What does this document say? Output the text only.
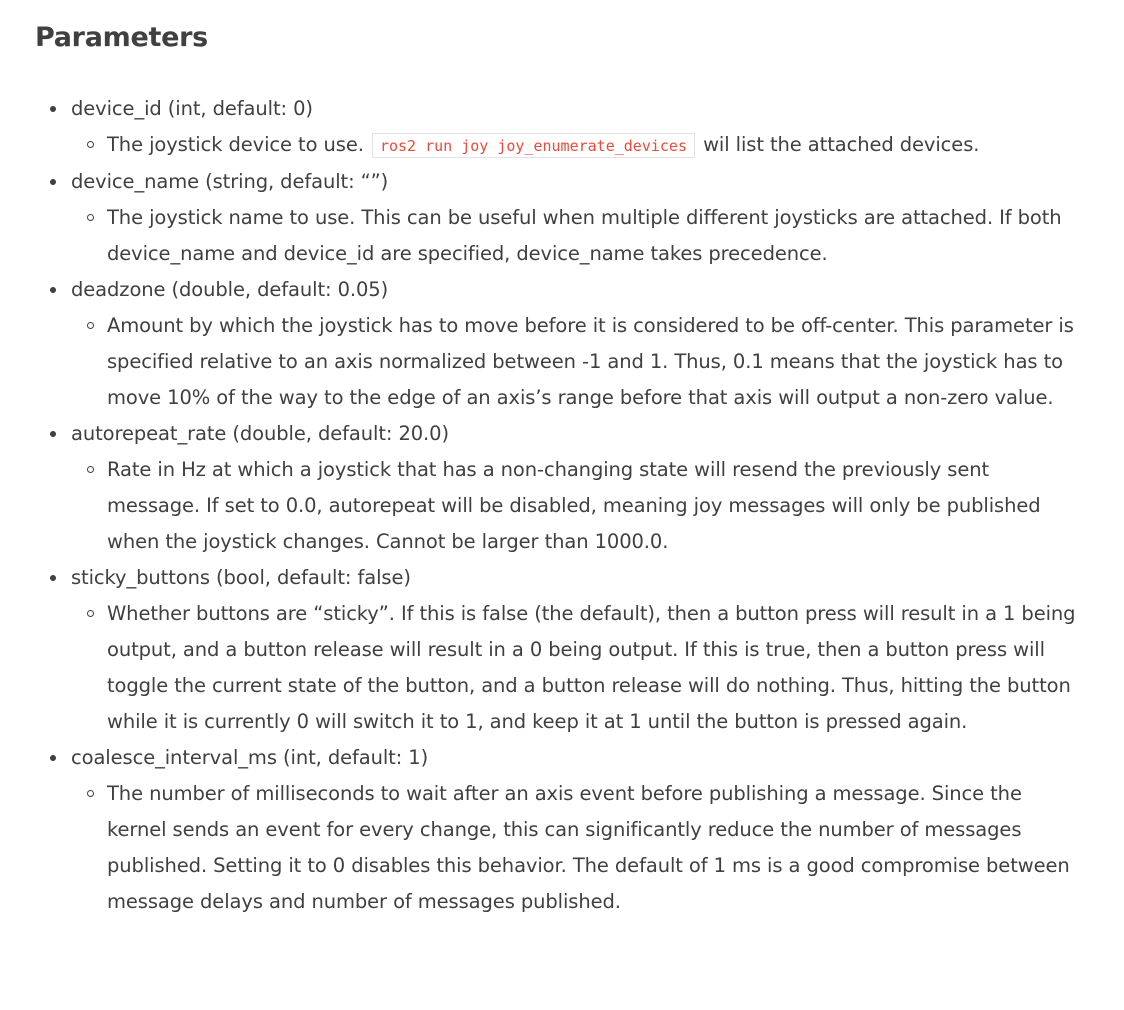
Parameters
device_id (int, default: 0)
The joystick device to use. ros2 run joy joy_enumerate_devices wil list the attached devices.
device_name (string, default: “”)
The joystick name to use. This can be useful when multiple different joysticks are attached. If both device_name and device_id are specified, device_name takes precedence.
deadzone (double, default: 0.05)
Amount by which the joystick has to move before it is considered to be off-center. This parameter is specified relative to an axis normalized between -1 and 1. Thus, 0.1 means that the joystick has to move 10% of the way to the edge of an axis’s range before that axis will output a non-zero value.
autorepeat_rate (double, default: 20.0)
Rate in Hz at which a joystick that has a non-changing state will resend the previously sent message. If set to 0.0, autorepeat will be disabled, meaning joy messages will only be published when the joystick changes. Cannot be larger than 1000.0.
sticky_buttons (bool, default: false)
Whether buttons are “sticky”. If this is false (the default), then a button press will result in a 1 being output, and a button release will result in a 0 being output. If this is true, then a button press will toggle the current state of the button, and a button release will do nothing. Thus, hitting the button while it is currently 0 will switch it to 1, and keep it at 1 until the button is pressed again.
coalesce_interval_ms (int, default: 1)
The number of milliseconds to wait after an axis event before publishing a message. Since the kernel sends an event for every change, this can significantly reduce the number of messages published. Setting it to 0 disables this behavior. The default of 1 ms is a good compromise between message delays and number of messages published.
